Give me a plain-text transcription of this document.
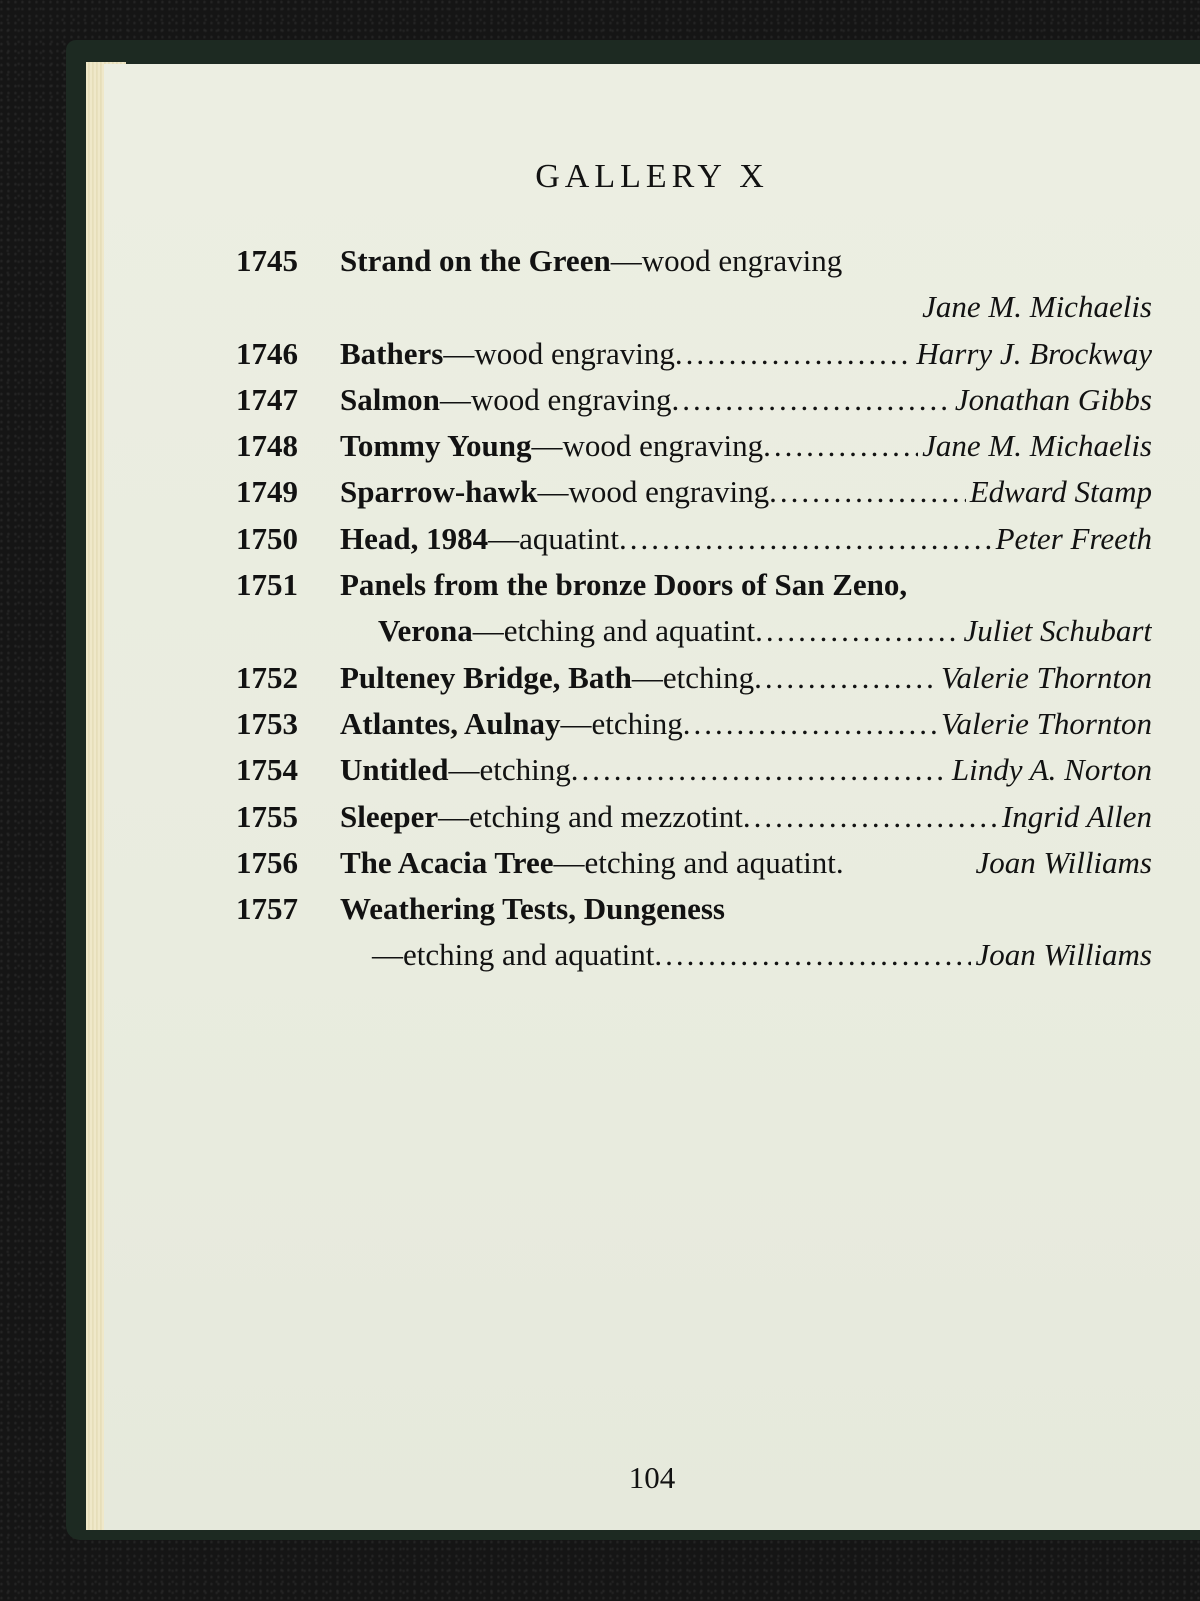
GALLERY X
1745	Strand on the Green —wood engraving
Jane M. Michaelis
1746	Bathers —wood engraving .....	Harry J. Brockway
1747	Salmon —wood engraving .....	Jonathan Gibbs
1748	Tommy Young —wood engraving .....	Jane M. Michaelis
1749	Sparrow-hawk —wood engraving .....	Edward Stamp
1750	Head, 1984 —aquatint .....	Peter Freeth
1751	Panels from the bronze Doors of San Zeno,
Verona —etching and aquatint .....	Juliet Schubart
1752	Pulteney Bridge, Bath —etching .....	Valerie Thornton
1753	Atlantes, Aulnay —etching .....	Valerie Thornton
1754	Untitled —etching .....	Lindy A. Norton
1755	Sleeper —etching and mezzotint .....	Ingrid Allen
1756	The Acacia Tree —etching and aquatint.	Joan Williams
1757	Weathering Tests, Dungeness
—etching and aquatint .....	Joan Williams
104
